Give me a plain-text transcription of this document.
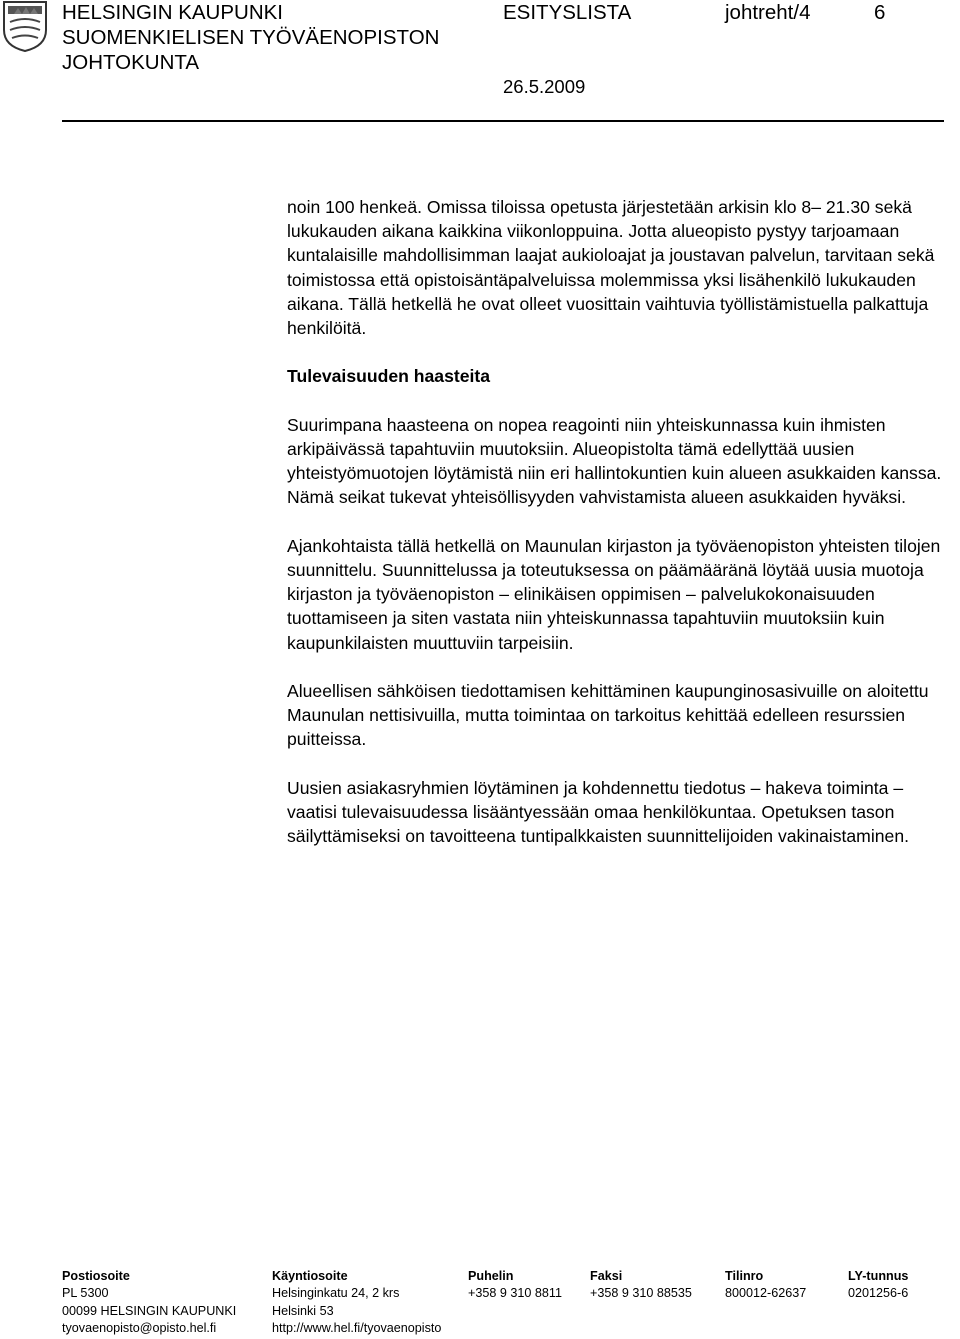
HELSINGIN KAUPUNKI
SUOMENKIELISEN TYÖVÄENOPISTON
JOHTOKUNTA
ESITYSLISTA	johtreht/4	6
26.5.2009

noin 100 henkeä. Omissa tiloissa opetusta järjestetään arkisin klo 8– 21.30 sekä lukukauden aikana kaikkina viikonloppuina. Jotta alueopisto pystyy tarjoamaan kuntalaisille mahdollisimman laajat aukioloajat ja joustavan palvelun, tarvitaan sekä toimistossa että opistoisäntäpalveluissa molemmissa yksi lisähenkilö lukukauden aikana. Tällä hetkellä he ovat olleet vuosittain vaihtuvia työllistämistuella palkattuja henkilöitä.

Tulevaisuuden haasteita

Suurimpana haasteena on nopea reagointi niin yhteiskunnassa kuin ihmisten arkipäivässä tapahtuviin muutoksiin. Alueopistolta tämä edellyttää uusien yhteistyömuotojen löytämistä niin eri hallintokuntien kuin alueen asukkaiden kanssa. Nämä seikat tukevat yhteisöllisyyden vahvistamista alueen asukkaiden hyväksi.

Ajankohtaista tällä hetkellä on Maunulan kirjaston ja työväenopiston yhteisten tilojen suunnittelu. Suunnittelussa ja toteutuksessa on päämääränä löytää uusia muotoja kirjaston ja työväenopiston – elinikäisen oppimisen – palvelukokonaisuuden tuottamiseen ja siten vastata niin yhteiskunnassa tapahtuviin muutoksiin kuin kaupunkilaisten muuttuviin tarpeisiin.

Alueellisen sähköisen tiedottamisen kehittäminen kaupunginosasivuille on aloitettu Maunulan nettisivuilla, mutta toimintaa on tarkoitus kehittää edelleen resurssien puitteissa.

Uusien asiakasryhmien löytäminen ja kohdennettu tiedotus – hakeva toiminta – vaatisi tulevaisuudessa lisääntyessään omaa henkilökuntaa. Opetuksen tason säilyttämiseksi on tavoitteena tuntipalkkaisten suunnittelijoiden vakinaistaminen.

Postiosoite
PL 5300
00099 HELSINGIN KAUPUNKI
tyovaenopisto@opisto.hel.fi
Käyntiosoite
Helsinginkatu 24, 2 krs
Helsinki 53
http://www.hel.fi/tyovaenopisto
Puhelin
+358 9 310 8811
Faksi
+358 9 310 88535
Tilinro
800012-62637
LY-tunnus
0201256-6
